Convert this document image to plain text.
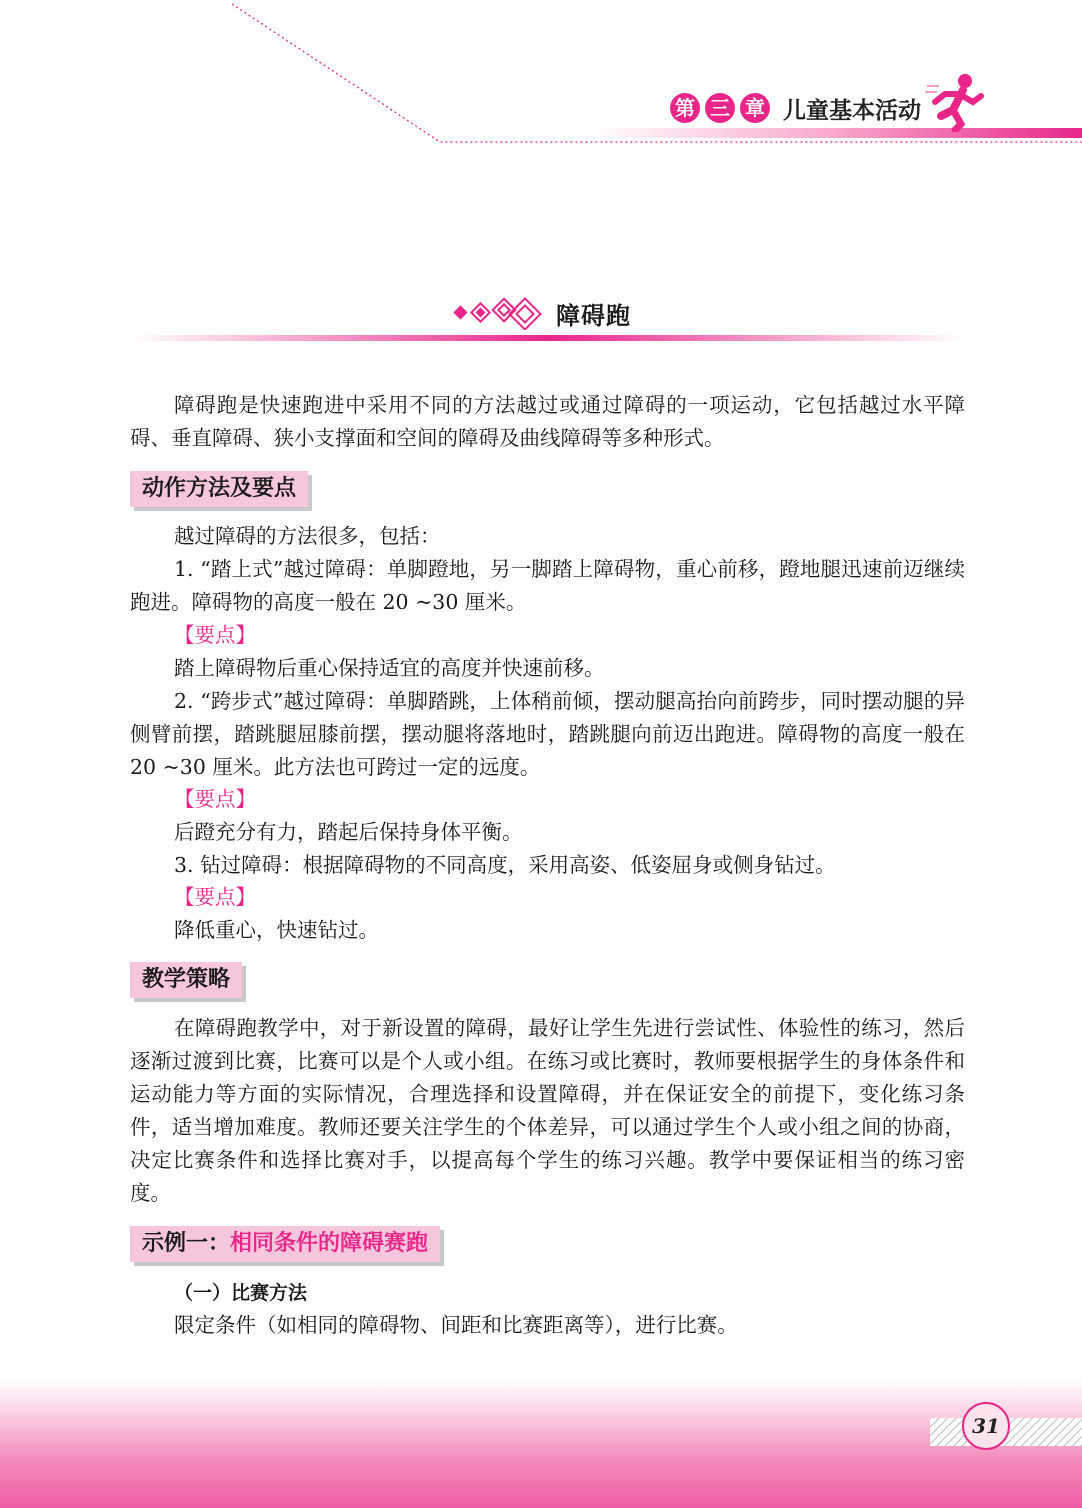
第 三 章 儿童基本活动
障碍跑

障碍跑是快速跑进中采用不同的方法越过或通过障碍的一项运动，它包括越过水平障碍、垂直障碍、狭小支撑面和空间的障碍及曲线障碍等多种形式。

动作方法及要点
越过障碍的方法很多，包括：

1. “踏上式”越过障碍：单脚蹬地，另一脚踏上障碍物，重心前移，蹬地腿迅速前迈继续跑进。障碍物的高度一般在 20 ~30 厘米。

【要点】
踏上障碍物后重心保持适宜的高度并快速前移。

2. “跨步式”越过障碍：单脚踏跳，上体稍前倾，摆动腿高抬向前跨步，同时摆动腿的异侧臂前摆，踏跳腿屈膝前摆，摆动腿将落地时，踏跳腿向前迈出跑进。障碍物的高度一般在 20 ~30 厘米。此方法也可跨过一定的远度。

【要点】
后蹬充分有力，踏起后保持身体平衡。
3. 钻过障碍：根据障碍物的不同高度，采用高姿、低姿屈身或侧身钻过。
【要点】
降低重心，快速钻过。
教学策略

在障碍跑教学中，对于新设置的障碍，最好让学生先进行尝试性、体验性的练习，然后逐渐过渡到比赛，比赛可以是个人或小组。在练习或比赛时，教师要根据学生的身体条件和运动能力等方面的实际情况，合理选择和设置障碍，并在保证安全的前提下，变化练习条件，适当增加难度。教师还要关注学生的个体差异，可以通过学生个人或小组之间的协商，决定比赛条件和选择比赛对手，以提高每个学生的练习兴趣。教学中要保证相当的练习密度。

示例一：相同条件的障碍赛跑
（一）比赛方法
限定条件（如相同的障碍物、间距和比赛距离等），进行比赛。
31
